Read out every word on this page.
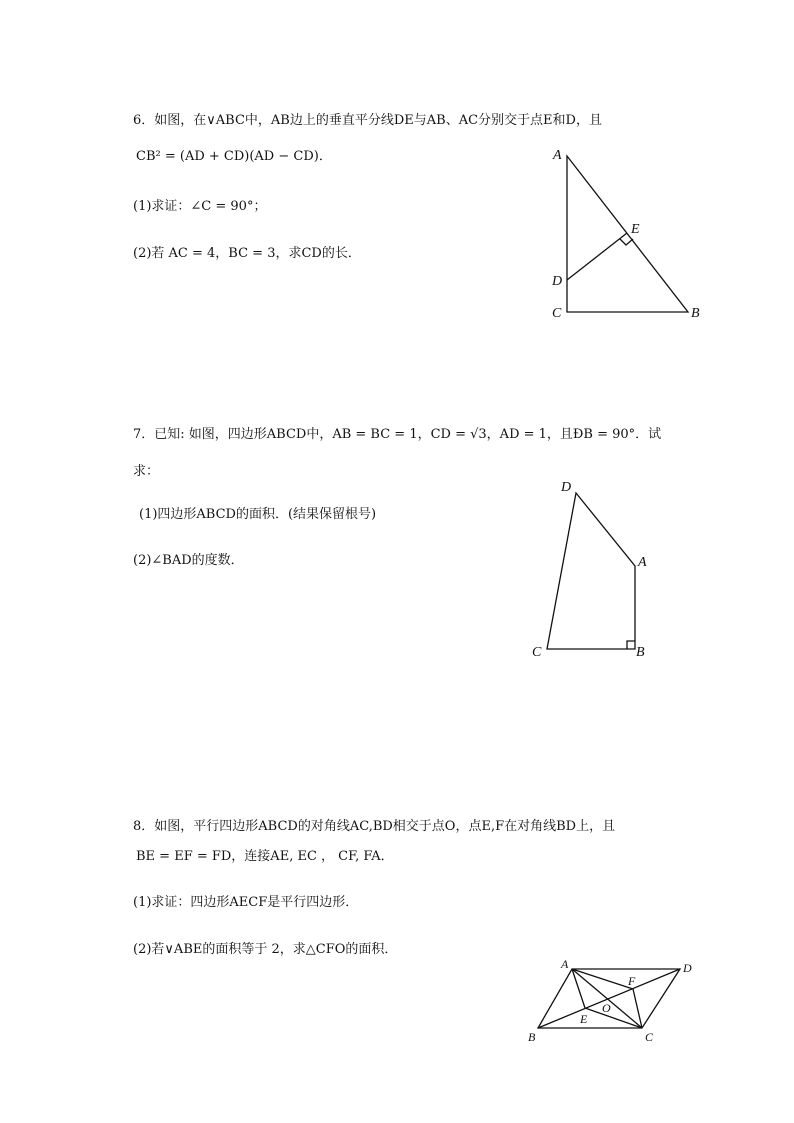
6．如图，在∨ABC中，AB边上的垂直平分线DE与AB、AC分别交于点E和D，且
CB² = (AD + CD)(AD − CD)．
(1)求证：∠C = 90°；
(2)若 AC = 4，BC = 3，求CD的长．
A
E
D
C	B
7．已知: 如图，四边形ABCD中，AB = BC = 1，CD = √3，AD = 1，且ÐB = 90°．试
求：
(1)四边形ABCD的面积．(结果保留根号)
(2)∠BAD的度数．
D
A
C	B
8．如图，平行四边形ABCD的对角线AC,BD相交于点O，点E,F在对角线BD上，且
BE = EF = FD，连接AE, EC ， CF, FA．
(1)求证：四边形AECF是平行四边形．
(2)若∨ABE的面积等于 2，求△CFO的面积．
A	D
F
O
E
B	C
